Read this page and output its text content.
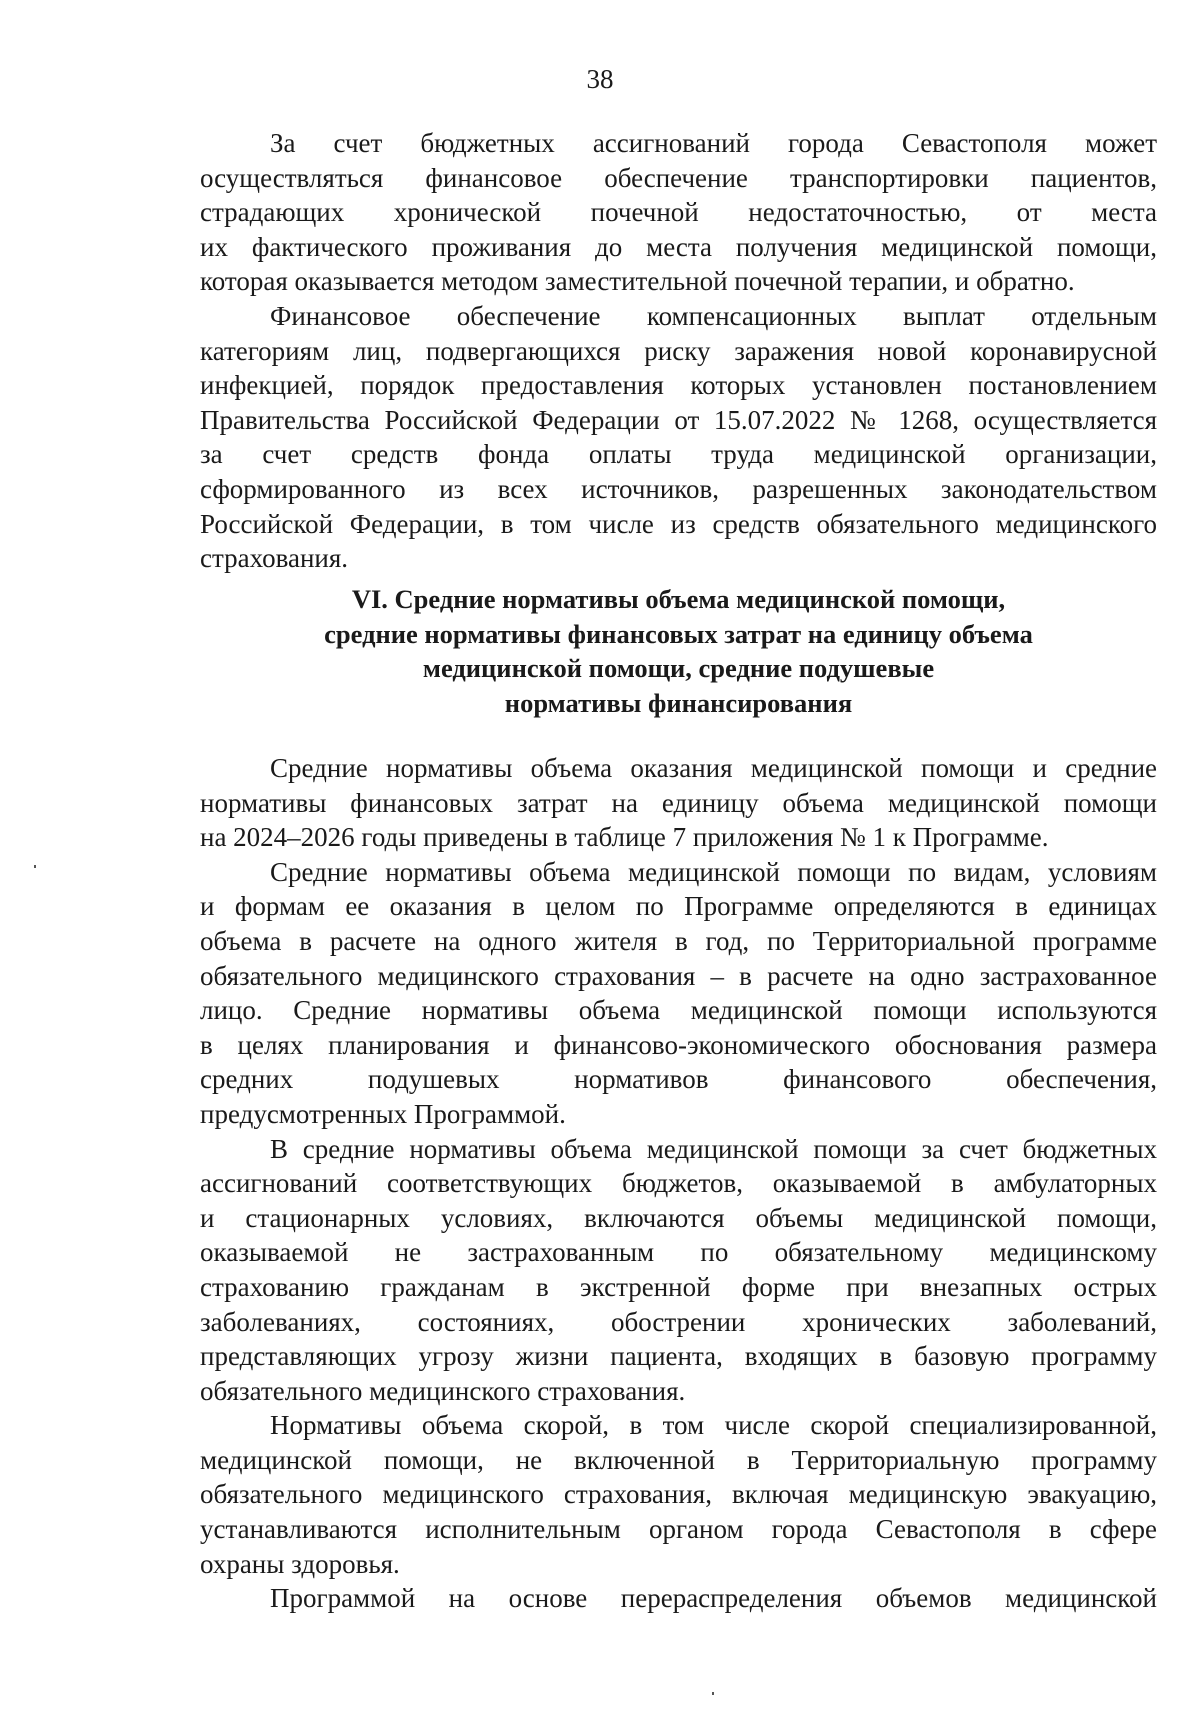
38
За счет бюджетных ассигнований города Севастополя может
осуществляться финансовое обеспечение транспортировки пациентов,
страдающих хронической почечной недостаточностью, от места
их фактического проживания до места получения медицинской помощи,
которая оказывается методом заместительной почечной терапии, и обратно.
Финансовое обеспечение компенсационных выплат отдельным
категориям лиц, подвергающихся риску заражения новой коронавирусной
инфекцией, порядок предоставления которых установлен постановлением
Правительства Российской Федерации от 15.07.2022 № 1268, осуществляется
за счет средств фонда оплаты труда медицинской организации,
сформированного из всех источников, разрешенных законодательством
Российской Федерации, в том числе из средств обязательного медицинского
страхования.
VI. Средние нормативы объема медицинской помощи,
средние нормативы финансовых затрат на единицу объема
медицинской помощи, средние подушевые
нормативы финансирования
Средние нормативы объема оказания медицинской помощи и средние
нормативы финансовых затрат на единицу объема медицинской помощи
на 2024–2026 годы приведены в таблице 7 приложения № 1 к Программе.
Средние нормативы объема медицинской помощи по видам, условиям
и формам ее оказания в целом по Программе определяются в единицах
объема в расчете на одного жителя в год, по Территориальной программе
обязательного медицинского страхования – в расчете на одно застрахованное
лицо. Средние нормативы объема медицинской помощи используются
в целях планирования и финансово-экономического обоснования размера
средних подушевых нормативов финансового обеспечения,
предусмотренных Программой.
В средние нормативы объема медицинской помощи за счет бюджетных
ассигнований соответствующих бюджетов, оказываемой в амбулаторных
и стационарных условиях, включаются объемы медицинской помощи,
оказываемой не застрахованным по обязательному медицинскому
страхованию гражданам в экстренной форме при внезапных острых
заболеваниях, состояниях, обострении хронических заболеваний,
представляющих угрозу жизни пациента, входящих в базовую программу
обязательного медицинского страхования.
Нормативы объема скорой, в том числе скорой специализированной,
медицинской помощи, не включенной в Территориальную программу
обязательного медицинского страхования, включая медицинскую эвакуацию,
устанавливаются исполнительным органом города Севастополя в сфере
охраны здоровья.
Программой на основе перераспределения объемов медицинской
